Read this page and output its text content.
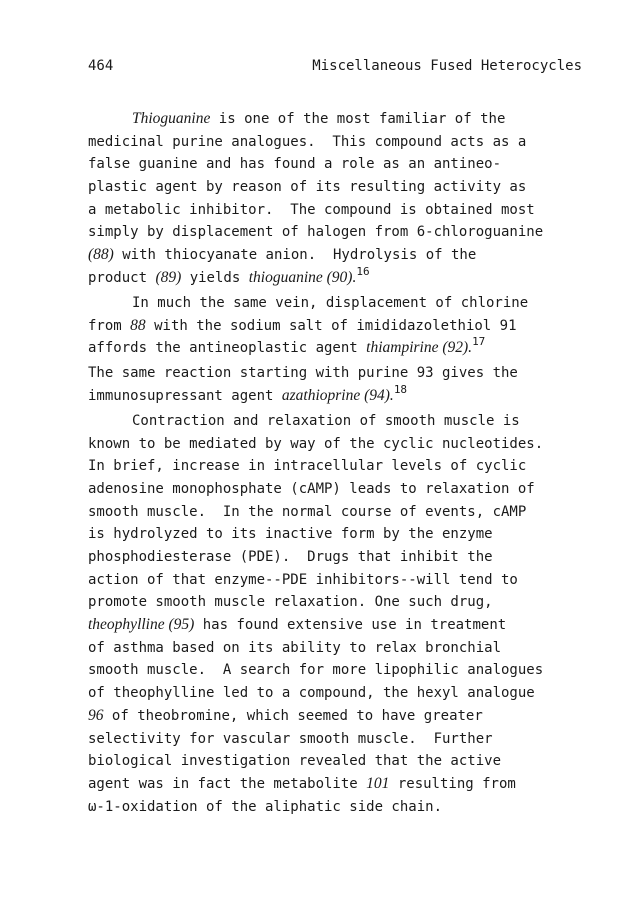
464	Miscellaneous Fused Heterocycles
Thioguanine is one of the most familiar of the
medicinal purine analogues.  This compound acts as a
false guanine and has found a role as an antineo-
plastic agent by reason of its resulting activity as
a metabolic inhibitor.  The compound is obtained most
simply by displacement of halogen from 6-chloroguanine
(88) with thiocyanate anion.  Hydrolysis of the
product (89) yields thioguanine (90).$^{16}$
In much the same vein, displacement of chlorine
from 88 with the sodium salt of imididazolethiol 91
affords the antineoplastic agent thiampirine (92).$^{17}$
The same reaction starting with purine 93 gives the
immunosupressant agent azathioprine (94).$^{18}$
Contraction and relaxation of smooth muscle is
known to be mediated by way of the cyclic nucleotides.
In brief, increase in intracellular levels of cyclic
adenosine monophosphate (cAMP) leads to relaxation of
smooth muscle.  In the normal course of events, cAMP
is hydrolyzed to its inactive form by the enzyme
phosphodiesterase (PDE).  Drugs that inhibit the
action of that enzyme--PDE inhibitors--will tend to
promote smooth muscle relaxation. One such drug,
theophylline (95) has found extensive use in treatment
of asthma based on its ability to relax bronchial
smooth muscle.  A search for more lipophilic analogues
of theophylline led to a compound, the hexyl analogue
96 of theobromine, which seemed to have greater
selectivity for vascular smooth muscle.  Further
biological investigation revealed that the active
agent was in fact the metabolite 101 resulting from
ω-1-oxidation of the aliphatic side chain.
